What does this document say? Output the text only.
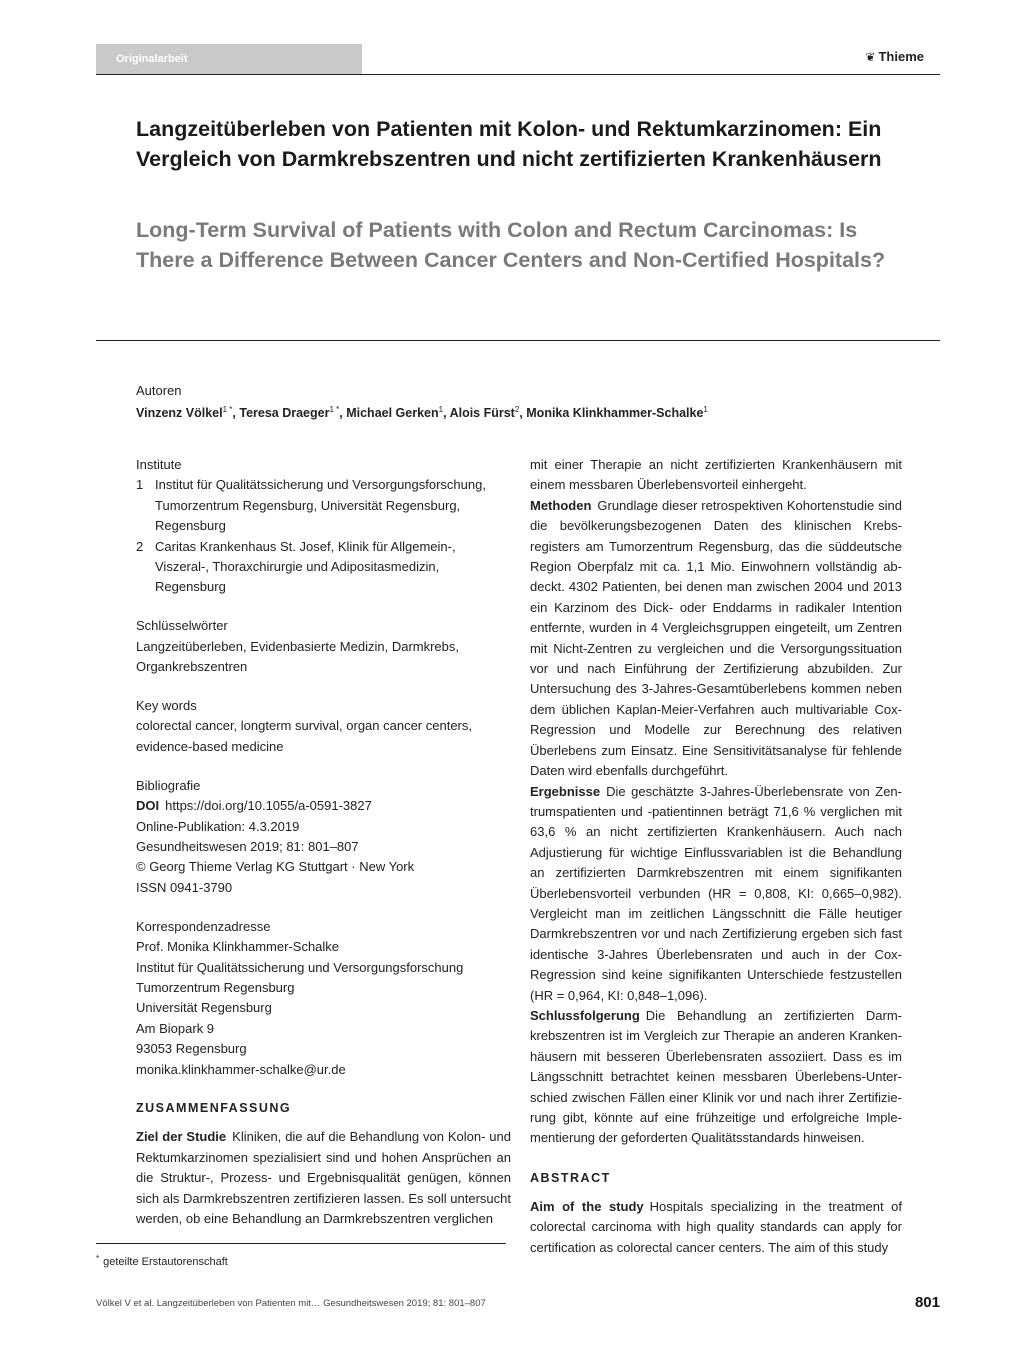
Originalarbeit	❦ Thieme
Langzeitüberleben von Patienten mit Kolon- und Rektumkarzinomen: Ein Vergleich von Darmkrebszentren und nicht zertifizierten Krankenhäusern
Long-Term Survival of Patients with Colon and Rectum Carcinomas: Is There a Difference Between Cancer Centers and Non-Certified Hospitals?
Autoren
Vinzenz Völkel$^{1 *}$, Teresa Draeger$^{1 *}$, Michael Gerken$^1$, Alois Fürst$^2$, Monika Klinkhammer-Schalke$^1$
Institute
1 Institut für Qualitätssicherung und Versorgungsforschung, Tumorzentrum Regensburg, Universität Regensburg, Regensburg
2 Caritas Krankenhaus St. Josef, Klinik für Allgemein-, Viszeral-, Thoraxchirurgie und Adipositasmedizin, Regensburg
Schlüsselwörter
Langzeitüberleben, Evidenbasierte Medizin, Darmkrebs, Organkrebszentren
Key words
colorectal cancer, longterm survival, organ cancer centers, evidence-based medicine
Bibliografie
DOI https://doi.org/10.1055/a-0591-3827
Online-Publikation: 4.3.2019
Gesundheitswesen 2019; 81: 801–807
© Georg Thieme Verlag KG Stuttgart · New York
ISSN 0941-3790
Korrespondenzadresse
Prof. Monika Klinkhammer-Schalke
Institut für Qualitätssicherung und Versorgungsforschung
Tumorzentrum Regensburg
Universität Regensburg
Am Biopark 9
93053 Regensburg
monika.klinkhammer-schalke@ur.de
ZUSAMMENFASSUNG

Ziel der Studie Kliniken, die auf die Behandlung von Kolon- und Rektumkarzinomen spezialisiert sind und hohen Ansprüchen an die Struktur-, Prozess- und Ergebnisqualität genügen, können sich als Darmkrebszentren zertifizieren lassen. Es soll untersucht werden, ob eine Behandlung an Darmkrebszentren verglichen

mit einer Therapie an nicht zertifizierten Krankenhäusern mit einem messbaren Überlebensvorteil einhergeht.

Methoden Grundlage dieser retrospektiven Kohortenstudie sind die bevölkerungsbezogenen Daten des klinischen Krebsregisters am Tumorzentrum Regensburg, das die süddeutsche Region Oberpfalz mit ca. 1,1 Mio. Einwohnern vollständig abdeckt. 4302 Patienten, bei denen man zwischen 2004 und 2013 ein Karzinom des Dick- oder Enddarms in radikaler Intention entfernte, wurden in 4 Vergleichsgruppen eingeteilt, um Zentren mit Nicht-Zentren zu vergleichen und die Versorgungssituation vor und nach Einführung der Zertifizierung abzubilden. Zur Untersuchung des 3-Jahres-Gesamtüberlebens kommen neben dem üblichen Kaplan-Meier-Verfahren auch multivariable Cox-Regression und Modelle zur Berechnung des relativen Überlebens zum Einsatz. Eine Sensitivitätsanalyse für fehlende Daten wird ebenfalls durchgeführt.

Ergebnisse Die geschätzte 3-Jahres-Überlebensrate von Zentrumspatienten und -patientinnen beträgt 71,6 % verglichen mit 63,6 % an nicht zertifizierten Krankenhäusern. Auch nach Adjustierung für wichtige Einflussvariablen ist die Behandlung an zertifizierten Darmkrebszentren mit einem signifikanten Überlebensvorteil verbunden (HR = 0,808, KI: 0,665–0,982). Vergleicht man im zeitlichen Längsschnitt die Fälle heutiger Darmkrebszentren vor und nach Zertifizierung ergeben sich fast identische 3-Jahres Überlebensraten und auch in der Cox-Regression sind keine signifikanten Unterschiede festzustellen (HR = 0,964, KI: 0,848–1,096).

Schlussfolgerung Die Behandlung an zertifizierten Darmkrebszentren ist im Vergleich zur Therapie an anderen Krankenhäusern mit besseren Überlebensraten assoziiert. Dass es im Längsschnitt betrachtet keinen messbaren Überlebens-Unterschied zwischen Fällen einer Klinik vor und nach ihrer Zertifizierung gibt, könnte auf eine frühzeitige und erfolgreiche Implementierung der geforderten Qualitätsstandards hinweisen.

ABSTRACT

Aim of the study Hospitals specializing in the treatment of colorectal carcinoma with high quality standards can apply for certification as colorectal cancer centers. The aim of this study

* geteilte Erstautorenschaft
Völkel V et al. Langzeitüberleben von Patienten mit… Gesundheitswesen 2019; 81: 801–807	801
